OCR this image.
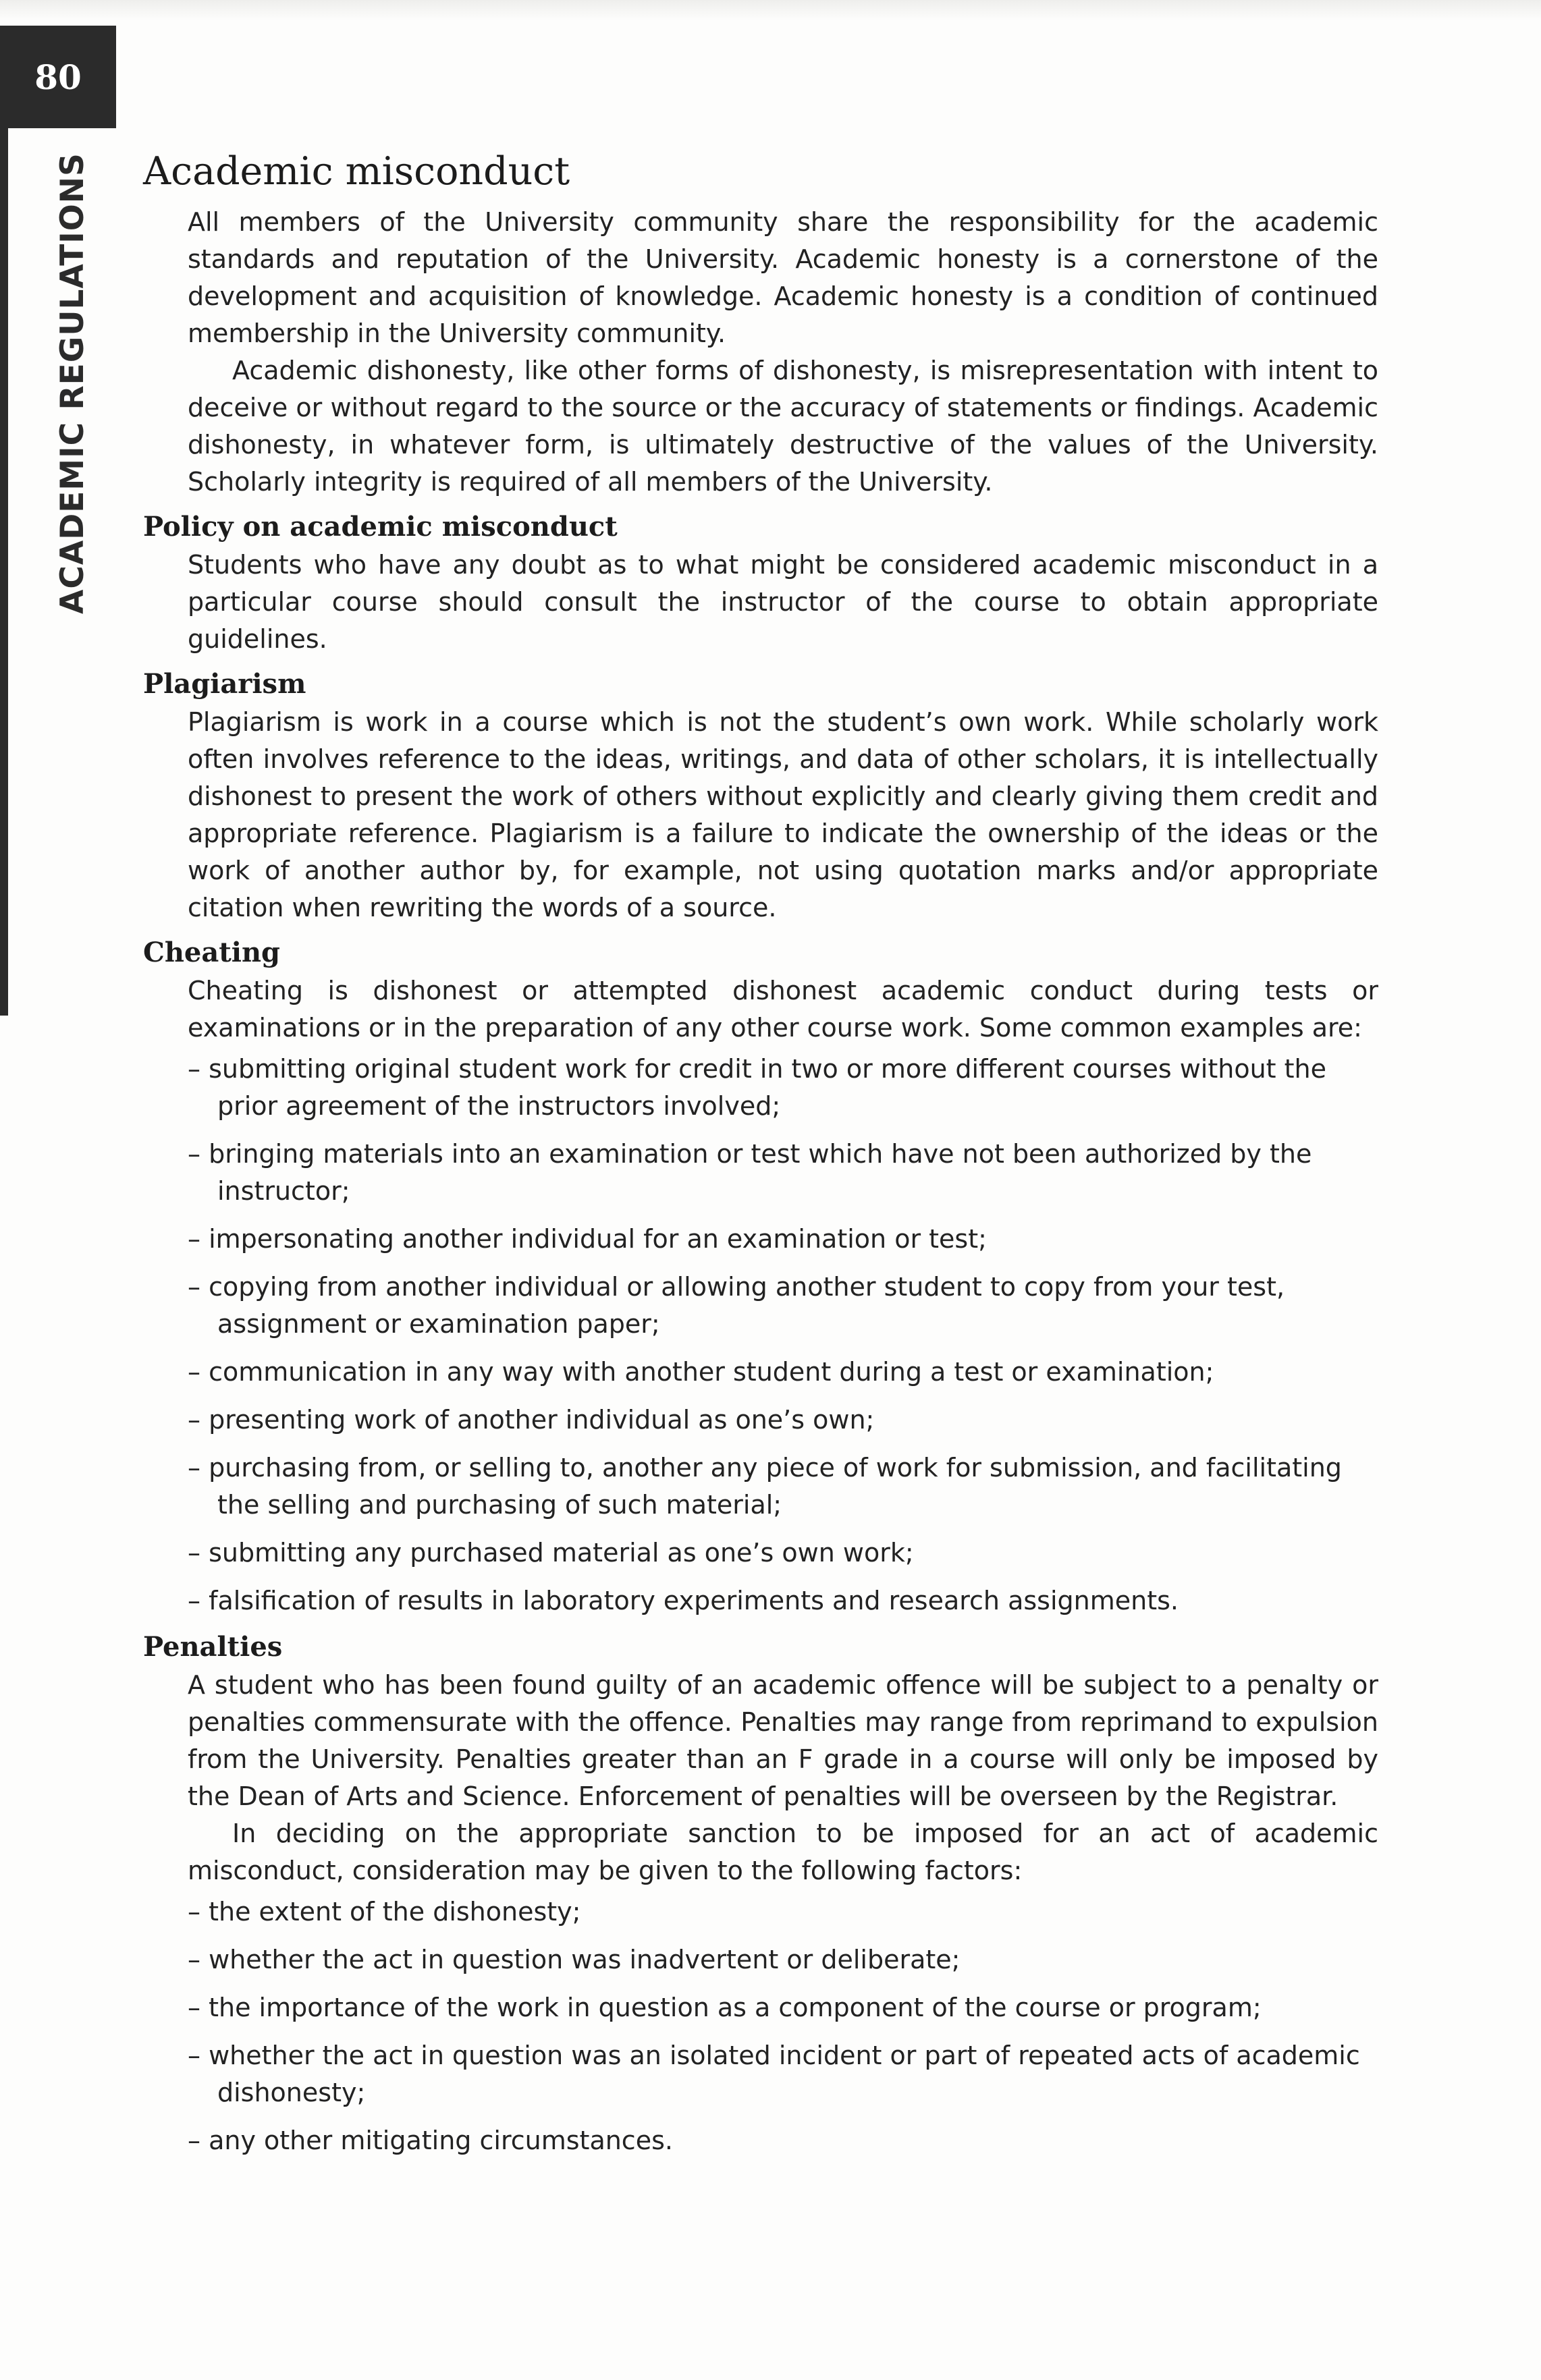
80
ACADEMIC REGULATIONS Academic misconduct

All members of the University community share the responsibility for the academic standards and reputation of the University. Academic honesty is a cornerstone of the development and acquisition of knowledge. Academic honesty is a condition of continued membership in the University community.

Academic dishonesty, like other forms of dishonesty, is misrepresentation with intent to deceive or without regard to the source or the accuracy of statements or findings. Academic dishonesty, in whatever form, is ultimately destructive of the values of the University. Scholarly integrity is required of all members of the University.

Policy on academic misconduct

Students who have any doubt as to what might be considered academic misconduct in a particular course should consult the instructor of the course to obtain appropriate guidelines.

Plagiarism

Plagiarism is work in a course which is not the student’s own work. While scholarly work often involves reference to the ideas, writings, and data of other scholars, it is intellectually dishonest to present the work of others without explicitly and clearly giving them credit and appropriate reference. Plagiarism is a failure to indicate the ownership of the ideas or the work of another author by, for example, not using quotation marks and/or appropriate citation when rewriting the words of a source.

Cheating

Cheating is dishonest or attempted dishonest academic conduct during tests or examinations or in the preparation of any other course work. Some common examples are:

– submitting original student work for credit in two or more different courses without the prior agreement of the instructors involved;
– bringing materials into an examination or test which have not been authorized by the instructor;
– impersonating another individual for an examination or test;
– copying from another individual or allowing another student to copy from your test, assignment or examination paper;
– communication in any way with another student during a test or examination;
– presenting work of another individual as one’s own;
– purchasing from, or selling to, another any piece of work for submission, and facilitating the selling and purchasing of such material;
– submitting any purchased material as one’s own work;
– falsification of results in laboratory experiments and research assignments.
Penalties

A student who has been found guilty of an academic offence will be subject to a penalty or penalties commensurate with the offence. Penalties may range from reprimand to expulsion from the University. Penalties greater than an F grade in a course will only be imposed by the Dean of Arts and Science. Enforcement of penalties will be overseen by the Registrar.

In deciding on the appropriate sanction to be imposed for an act of academic misconduct, consideration may be given to the following factors:

– the extent of the dishonesty;
– whether the act in question was inadvertent or deliberate;
– the importance of the work in question as a component of the course or program;
– whether the act in question was an isolated incident or part of repeated acts of academic dishonesty;
– any other mitigating circumstances.
